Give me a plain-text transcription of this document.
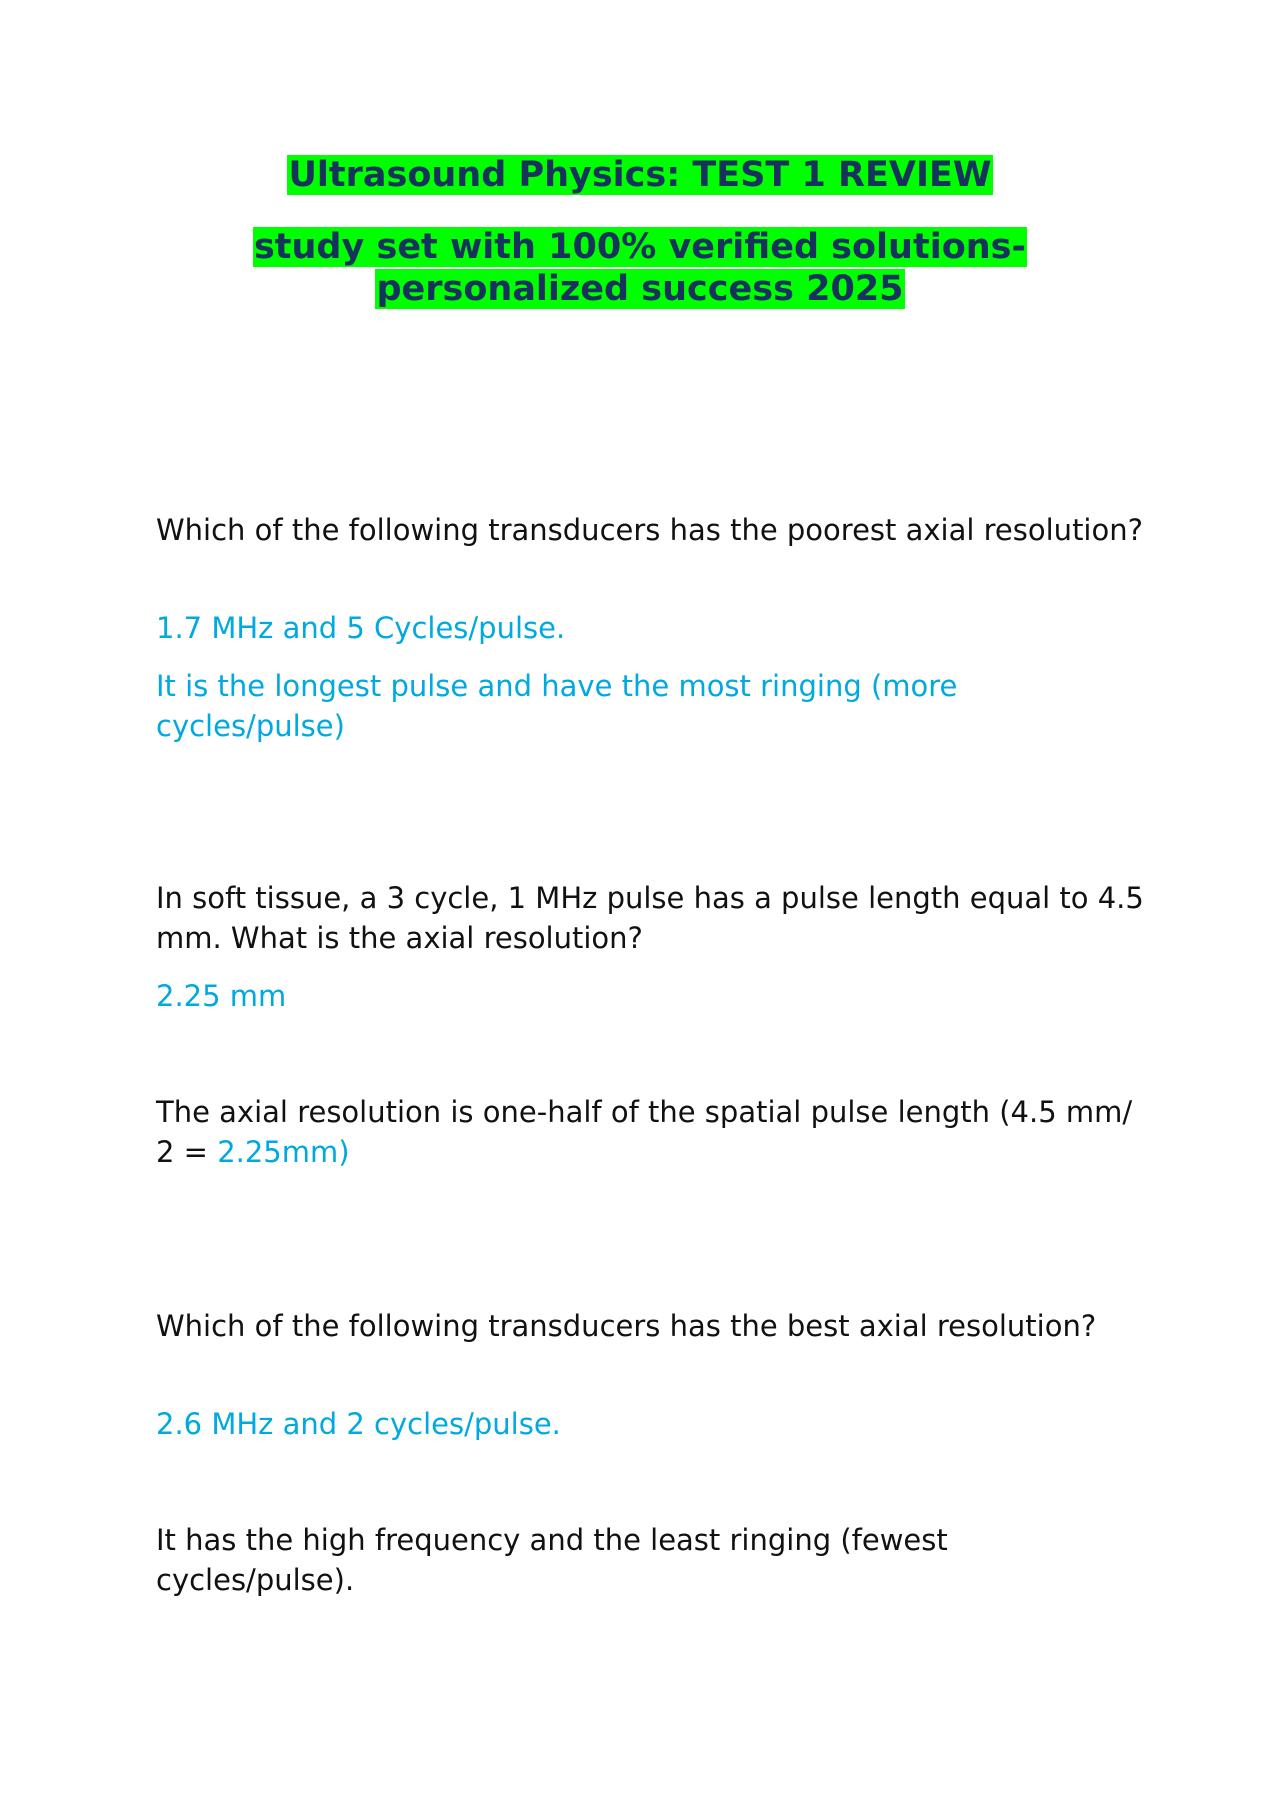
Ultrasound Physics: TEST 1 REVIEW
study set with 100% verified solutions-
personalized success 2025

Which of the following transducers has the poorest axial resolution?

1.7 MHz and 5 Cycles/pulse.

It is the longest pulse and have the most ringing (more cycles/pulse)

In soft tissue, a 3 cycle, 1 MHz pulse has a pulse length equal to 4.5 mm. What is the axial resolution?

2.25 mm

The axial resolution is one-half of the spatial pulse length (4.5 mm/ 2 = 2.25mm)

Which of the following transducers has the best axial resolution?

2.6 MHz and 2 cycles/pulse.

It has the high frequency and the least ringing (fewest cycles/pulse).
